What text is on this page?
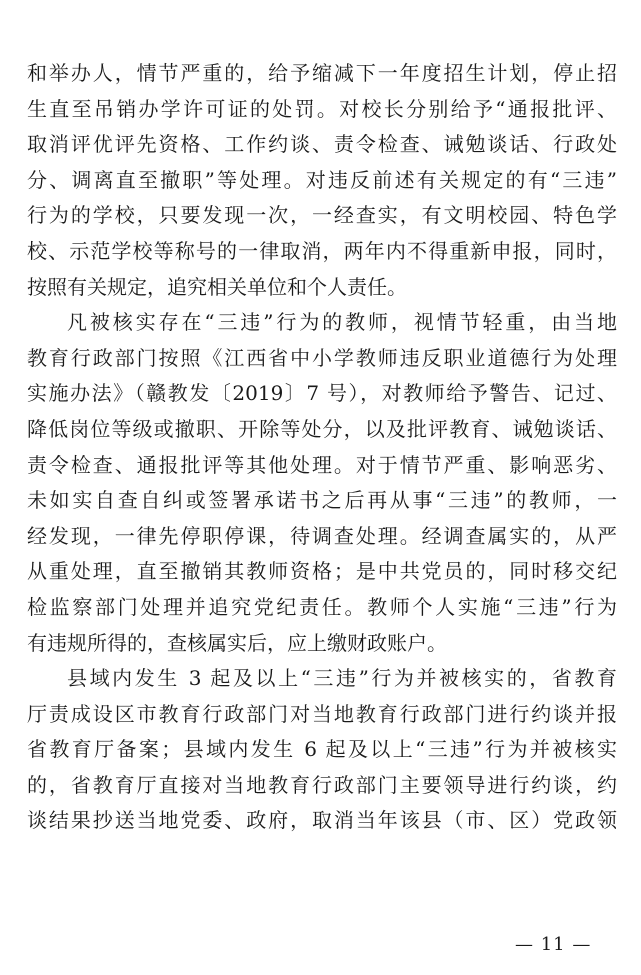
和举办人，情节严重的，给予缩减下一年度招生计划，停止招
生直至吊销办学许可证的处罚。对校长分别给予“通报批评、
取消评优评先资格、工作约谈、责令检查、诫勉谈话、行政处
分、调离直至撤职”等处理。对违反前述有关规定的有“三违”
行为的学校，只要发现一次，一经查实，有文明校园、特色学
校、示范学校等称号的一律取消，两年内不得重新申报，同时，
按照有关规定，追究相关单位和个人责任。
凡被核实存在“三违”行为的教师，视情节轻重，由当地
教育行政部门按照《江西省中小学教师违反职业道德行为处理
实施办法》（赣教发〔2019〕7 号），对教师给予警告、记过、
降低岗位等级或撤职、开除等处分，以及批评教育、诫勉谈话、
责令检查、通报批评等其他处理。对于情节严重、影响恶劣、
未如实自查自纠或签署承诺书之后再从事“三违”的教师，一
经发现，一律先停职停课，待调查处理。经调查属实的，从严
从重处理，直至撤销其教师资格；是中共党员的，同时移交纪
检监察部门处理并追究党纪责任。教师个人实施“三违”行为
有违规所得的，查核属实后，应上缴财政账户。
县域内发生 3 起及以上“三违”行为并被核实的，省教育
厅责成设区市教育行政部门对当地教育行政部门进行约谈并报
省教育厅备案；县域内发生 6 起及以上“三违”行为并被核实
的，省教育厅直接对当地教育行政部门主要领导进行约谈，约
谈结果抄送当地党委、政府，取消当年该县（市、区）党政领
— 11 —
